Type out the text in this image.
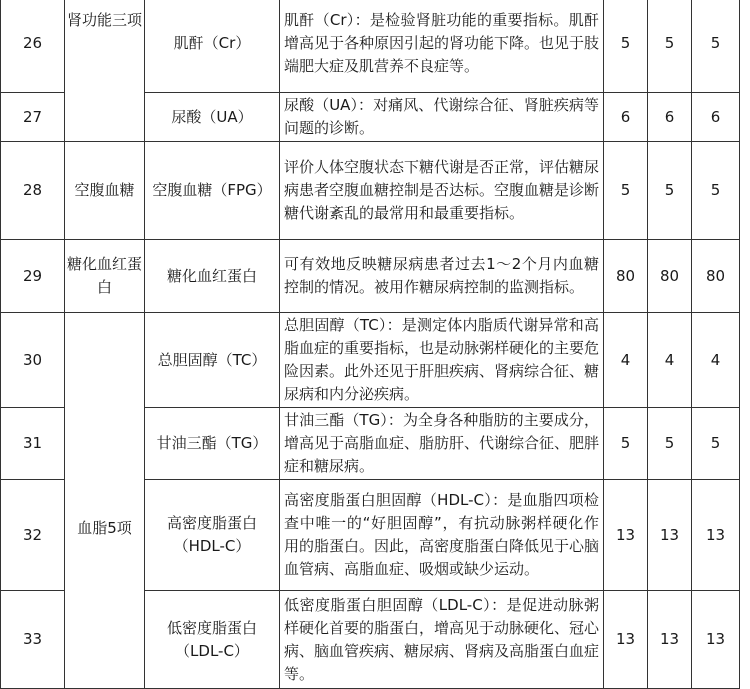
26	肾功能三项	肌酐（Cr）	肌酐（Cr）：是检验肾脏功能的重要指标。肌酐增高见于各种原因引起的肾功能下降。也见于肢端肥大症及肌营养不良症等。	5	5	5
27		尿酸（UA）	尿酸（UA）：对痛风、代谢综合征、肾脏疾病等问题的诊断。	6	6	6
28	空腹血糖	空腹血糖（FPG）	评价人体空腹状态下糖代谢是否正常，评估糖尿病患者空腹血糖控制是否达标。空腹血糖是诊断糖代谢紊乱的最常用和最重要指标。	5	5	5
29	糖化血红蛋白	糖化血红蛋白	可有效地反映糖尿病患者过去1～2个月内血糖控制的情况。被用作糖尿病控制的监测指标。	80	80	80
30	血脂5项	总胆固醇（TC）	总胆固醇（TC）：是测定体内脂质代谢异常和高脂血症的重要指标，也是动脉粥样硬化的主要危险因素。此外还见于肝胆疾病、肾病综合征、糖尿病和内分泌疾病。	4	4	4
31		甘油三酯（TG）	甘油三酯（TG）：为全身各种脂肪的主要成分，增高见于高脂血症、脂肪肝、代谢综合征、肥胖症和糖尿病。	5	5	5
32		高密度脂蛋白（HDL-C）	高密度脂蛋白胆固醇（HDL-C）：是血脂四项检查中唯一的“好胆固醇”，有抗动脉粥样硬化作用的脂蛋白。因此，高密度脂蛋白降低见于心脑血管病、高脂血症、吸烟或缺少运动。	13	13	13
33		低密度脂蛋白（LDL-C）	低密度脂蛋白胆固醇（LDL-C）：是促进动脉粥样硬化首要的脂蛋白，增高见于动脉硬化、冠心病、脑血管疾病、糖尿病、肾病及高脂蛋白血症等。	13	13	13
